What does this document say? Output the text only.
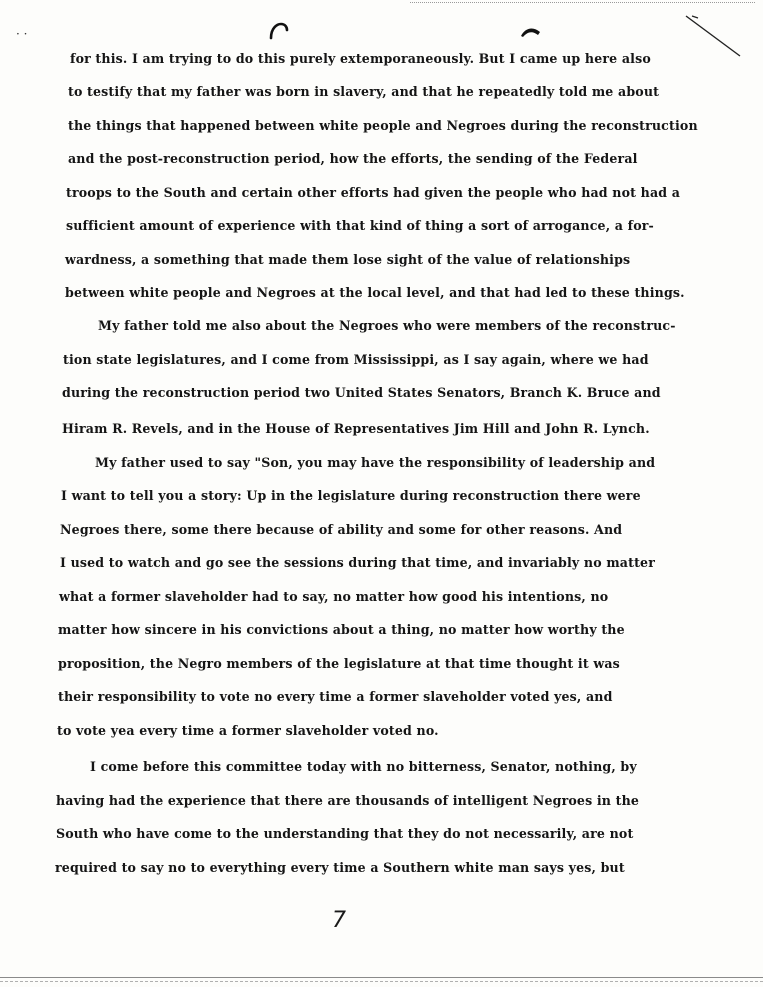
· ·
for this. I am trying to do this purely extemporaneously. But I came up here also
to testify that my father was born in slavery, and that he repeatedly told me about
the things that happened between white people and Negroes during the reconstruction
and the post-reconstruction period, how the efforts, the sending of the Federal
troops to the South and certain other efforts had given the people who had not had a
sufficient amount of experience with that kind of thing a sort of arrogance, a for-
wardness, a something that made them lose sight of the value of relationships
between white people and Negroes at the local level, and that had led to these things.
My father told me also about the Negroes who were members of the reconstruc-
tion state legislatures, and I come from Mississippi, as I say again, where we had
during the reconstruction period two United States Senators, Branch K. Bruce and
Hiram R. Revels, and in the House of Representatives Jim Hill and John R. Lynch.
My father used to say "Son, you may have the responsibility of leadership and
I want to tell you a story: Up in the legislature during reconstruction there were
Negroes there, some there because of ability and some for other reasons. And
I used to watch and go see the sessions during that time, and invariably no matter
what a former slaveholder had to say, no matter how good his intentions, no
matter how sincere in his convictions about a thing, no matter how worthy the
proposition, the Negro members of the legislature at that time thought it was
their responsibility to vote no every time a former slaveholder voted yes, and
to vote yea every time a former slaveholder voted no.
I come before this committee today with no bitterness, Senator, nothing, by
having had the experience that there are thousands of intelligent Negroes in the
South who have come to the understanding that they do not necessarily, are not
required to say no to everything every time a Southern white man says yes, but
7
